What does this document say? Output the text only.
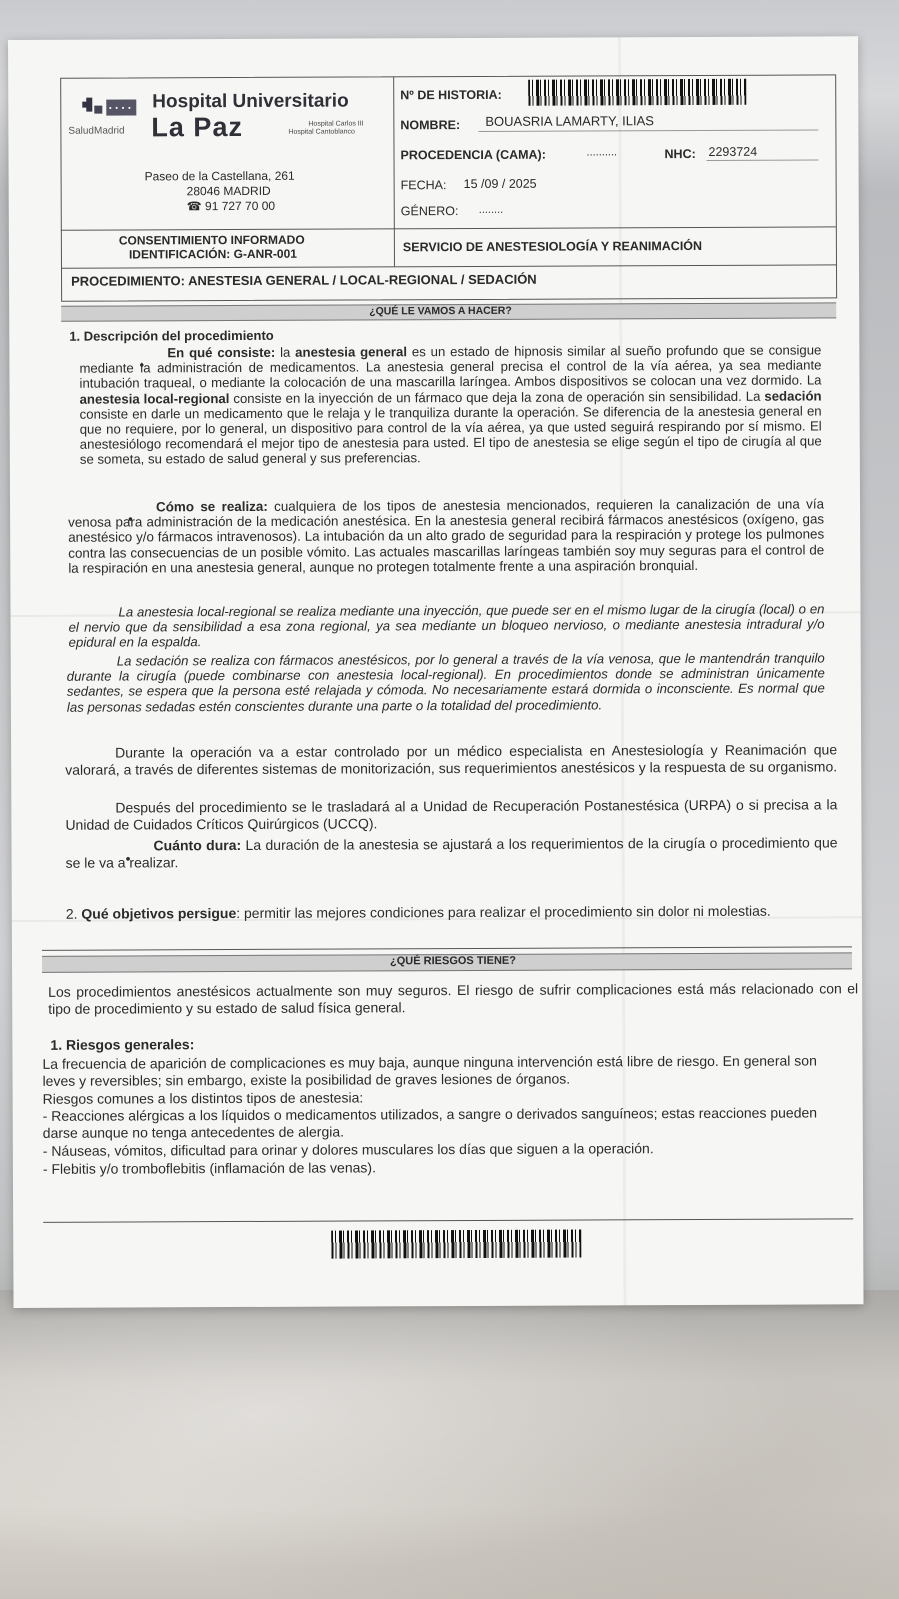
• • • • Hospital Universitario
SaludMadrid La Paz	Hospital Carlos III
Hospital Cantoblanco
Paseo de la Castellana, 261
28046 MADRID
☎ 91 727 70 00
Nº DE HISTORIA:
NOMBRE: BOUASRIA LAMARTY, ILIAS
PROCEDENCIA (CAMA):	..........	NHC: 2293724
FECHA: 15 /09 / 2025
GÉNERO: ........
CONSENTIMIENTO INFORMADO
IDENTIFICACIÓN: G-ANR-001	SERVICIO DE ANESTESIOLOGÍA Y REANIMACIÓN
PROCEDIMIENTO: ANESTESIA GENERAL / LOCAL-REGIONAL / SEDACIÓN
¿QUÉ LE VAMOS A HACER?
1. Descripción del procedimiento
•En qué consiste: la anestesia general es un estado de hipnosis similar al sueño profundo que se consigue mediante la administración de medicamentos. La anestesia general precisa el control de la vía aérea, ya sea mediante intubación traqueal, o mediante la colocación de una mascarilla laríngea. Ambos dispositivos se colocan una vez dormido. La anestesia local-regional consiste en la inyección de un fármaco que deja la zona de operación sin sensibilidad. La sedación consiste en darle un medicamento que le relaja y le tranquiliza durante la operación. Se diferencia de la anestesia general en que no requiere, por lo general, un dispositivo para control de la vía aérea, ya que usted seguirá respirando por sí mismo. El anestesiólogo recomendará el mejor tipo de anestesia para usted. El tipo de anestesia se elige según el tipo de cirugía al que se someta, su estado de salud general y sus preferencias.
•Cómo se realiza: cualquiera de los tipos de anestesia mencionados, requieren la canalización de una vía venosa para administración de la medicación anestésica. En la anestesia general recibirá fármacos anestésicos (oxígeno, gas anestésico y/o fármacos intravenosos). La intubación da un alto grado de seguridad para la respiración y protege los pulmones contra las consecuencias de un posible vómito. Las actuales mascarillas laríngeas también soy muy seguras para el control de la respiración en una anestesia general, aunque no protegen totalmente frente a una aspiración bronquial.
La anestesia local-regional se realiza mediante una inyección, que puede ser en el mismo lugar de la cirugía (local) o en el nervio que da sensibilidad a esa zona regional, ya sea mediante un bloqueo nervioso, o mediante anestesia intradural y/o epidural en la espalda.
La sedación se realiza con fármacos anestésicos, por lo general a través de la vía venosa, que le mantendrán tranquilo durante la cirugía (puede combinarse con anestesia local-regional). En procedimientos donde se administran únicamente sedantes, se espera que la persona esté relajada y cómoda. No necesariamente estará dormida o inconsciente. Es normal que las personas sedadas estén conscientes durante una parte o la totalidad del procedimiento.
Durante la operación va a estar controlado por un médico especialista en Anestesiología y Reanimación que valorará, a través de diferentes sistemas de monitorización, sus requerimientos anestésicos y la respuesta de su organismo.
Después del procedimiento se le trasladará al a Unidad de Recuperación Postanestésica (URPA) o si precisa a la Unidad de Cuidados Críticos Quirúrgicos (UCCQ).
•Cuánto dura: La duración de la anestesia se ajustará a los requerimientos de la cirugía o procedimiento que se le va a realizar.
2. Qué objetivos persigue: permitir las mejores condiciones para realizar el procedimiento sin dolor ni molestias.
¿QUÉ RIESGOS TIENE?
Los procedimientos anestésicos actualmente son muy seguros. El riesgo de sufrir complicaciones está más relacionado con el tipo de procedimiento y su estado de salud física general.
1. Riesgos generales:
La frecuencia de aparición de complicaciones es muy baja, aunque ninguna intervención está libre de riesgo. En general son leves y reversibles; sin embargo, existe la posibilidad de graves lesiones de órganos.
Riesgos comunes a los distintos tipos de anestesia:
- Reacciones alérgicas a los líquidos o medicamentos utilizados, a sangre o derivados sanguíneos; estas reacciones pueden darse aunque no tenga antecedentes de alergia.
- Náuseas, vómitos, dificultad para orinar y dolores musculares los días que siguen a la operación.
- Flebitis y/o tromboflebitis (inflamación de las venas).
